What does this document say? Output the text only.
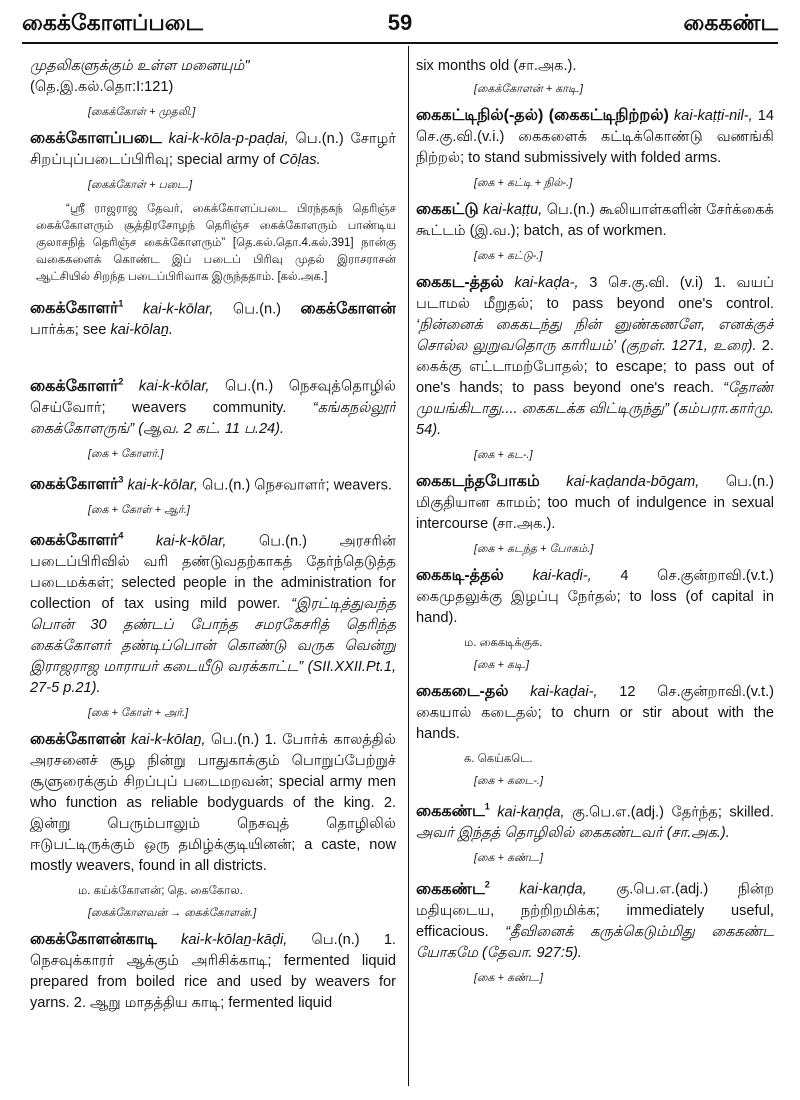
கைக்கோளப்படை	59	கைகண்ட
முதலிகளுக்கும் உள்ள மனையும்"
(தெ.இ.கல்.தொ:I:121)
[கைக்கோள் + முதலி.]
கைக்கோளப்படை kai-k-kōla-p-paḍai, பெ.(n.) சோழர் சிறப்புப்படைப்பிரிவு; special army of Cōḷas.
[கைக்கோள் + படை.]
“ஸ்ரீ ராஜராஜ தேவர், கைக்கோளப்படை பிரந்தகந் தெரிஞ்ச கைக்கோளரும் சூத்திரசோழந் தெரிஞ்ச கைக்கோளரும் பாண்டிய குலாசநித் தெரிஞ்ச கைக்கோளரும்” [தெ.கல்.தொ.4.கல்.391] நான்கு வகைகளைக் கொண்ட இப் படைப் பிரிவு முதல் இராசராசன் ஆட்சியில் சிறந்த படைப்பிரிவாக இருந்ததாம். [கல்.அக.]
கைக்கோளர்$^1$ kai-k-kōlar, பெ.(n.) கைக்கோளன் பார்க்க; see kai-kōlaṉ.
கைக்கோளர்$^2$ kai-k-kōlar, பெ.(n.) நெசவுத்தொழில் செய்வோர்; weavers community. “கங்கநல்லூர் கைக்கோளருங்” (ஆவ. 2 கட். 11 ப.24).
[கை + கோளர்.]
கைக்கோளர்$^3$ kai-k-kōlar, பெ.(n.) நெசவாளர்; weavers.
[கை + கோள் + ஆர்.]
கைக்கோளர்$^4$ kai-k-kōlar, பெ.(n.) அரசரின் படைப்பிரிவில் வரி தண்டுவதற்காகத் தேர்ந்தெடுத்த படைமக்கள்; selected people in the administration for collection of tax using mild power. “இரட்டித்துவந்த பொன் 30 தண்டப் போந்த சமரகேசரித் தெரிந்த கைக்கோளர் தண்டிப்பொன் கொண்டு வருக வென்று இராஜராஜ மாராயர் கடையீடு வரக்காட்ட” (SII.XXII.Pt.1, 27-5 p.21).
[கை + கோள் + அர்.]
கைக்கோளன் kai-k-kōlaṉ, பெ.(n.) 1. போர்க் காலத்தில் அரசனைச் சூழ நின்று பாதுகாக்கும் பொறுப்பேற்றுச் சூளுரைக்கும் சிறப்புப் படைமறவன்; special army men who function as reliable bodyguards of the king. 2. இன்று பெரும்பாலும் நெசவுத் தொழிலில் ஈடுபட்டிருக்கும் ஒரு தமிழ்க்குடியினன்; a caste, now mostly weavers, found in all districts.
ம. கய்க்கோளன்; தெ. கைகோல.
[கைக்கோளவன் → கைக்கோளன்.]
கைக்கோளன்காடி kai-k-kōlaṉ-kāḍi, பெ.(n.) 1. நெசவுக்காரர் ஆக்கும் அரிசிக்காடி; fermented liquid prepared from boiled rice and used by weavers for yarns. 2. ஆறு மாதத்திய காடி; fermented liquid
six months old (சா.அக.).
[கைக்கோளன் + காடி.]
கைகட்டிநில்(-தல்) (கைகட்டிநிற்றல்) kai-kaṭṭi-nil-, 14 செ.கு.வி.(v.i.) கைகளைக் கட்டிக்கொண்டு வணங்கி நிற்றல்; to stand submissively with folded arms.
[கை + கட்டி + நில்-.]
கைகட்டு kai-kaṭṭu, பெ.(n.) கூலியாள்களின் சேர்க்கைக் கூட்டம் (இ.வ.); batch, as of workmen.
[கை + கட்டு-.]
கைகட-த்தல் kai-kaḍa-, 3 செ.கு.வி. (v.i) 1. வயப் படாமல் மீறுதல்; to pass beyond one's control. ‘நின்னைக் கைகடந்து நின் னுண்கணளே, எனக்குச் சொல்ல லுறுவதொரு காரியம்’ (குறள். 1271, உரை). 2. கைக்கு எட்டாமற்போதல்; to escape; to pass out of one's hands; to pass beyond one's reach. “தோண் முயங்கிடாது.... கைகடக்க விட்டிருந்து” (கம்பரா.கார்மு. 54).
[கை + கட-.]
கைகடந்தபோகம் kai-kaḍanda-bōgam, பெ.(n.) மிகுதியான காமம்; too much of indulgence in sexual intercourse (சா.அக.).
[கை + கடந்த + போகம்.]
கைகடி-த்தல் kai-kaḍi-, 4 செ.குன்றாவி.(v.t.) கைமுதலுக்கு இழப்பு நேர்தல்; to loss (of capital in hand).
ம. கைகடிக்குக.
[கை + கடி.]
கைகடை-தல் kai-kaḍai-, 12 செ.குன்றாவி.(v.t.) கையால் கடைதல்; to churn or stir about with the hands.
க. கெய்கடெ.
[கை + கடை-.]
கைகண்ட$^1$ kai-kaṇḍa, கு.பெ.எ.(adj.) தேர்ந்த; skilled. அவர் இந்தத் தொழிலில் கைகண்டவர் (சா.அக.).
[கை + கண்ட.]
கைகண்ட$^2$ kai-kaṇḍa, கு.பெ.எ.(adj.) நின்ற மதியுடைய, நற்றிறமிக்க; immediately useful, efficacious. “தீவினைக் கருக்கெடும்மிது கைகண்ட யோகமே (தேவா. 927:5).
[கை + கண்ட.]
